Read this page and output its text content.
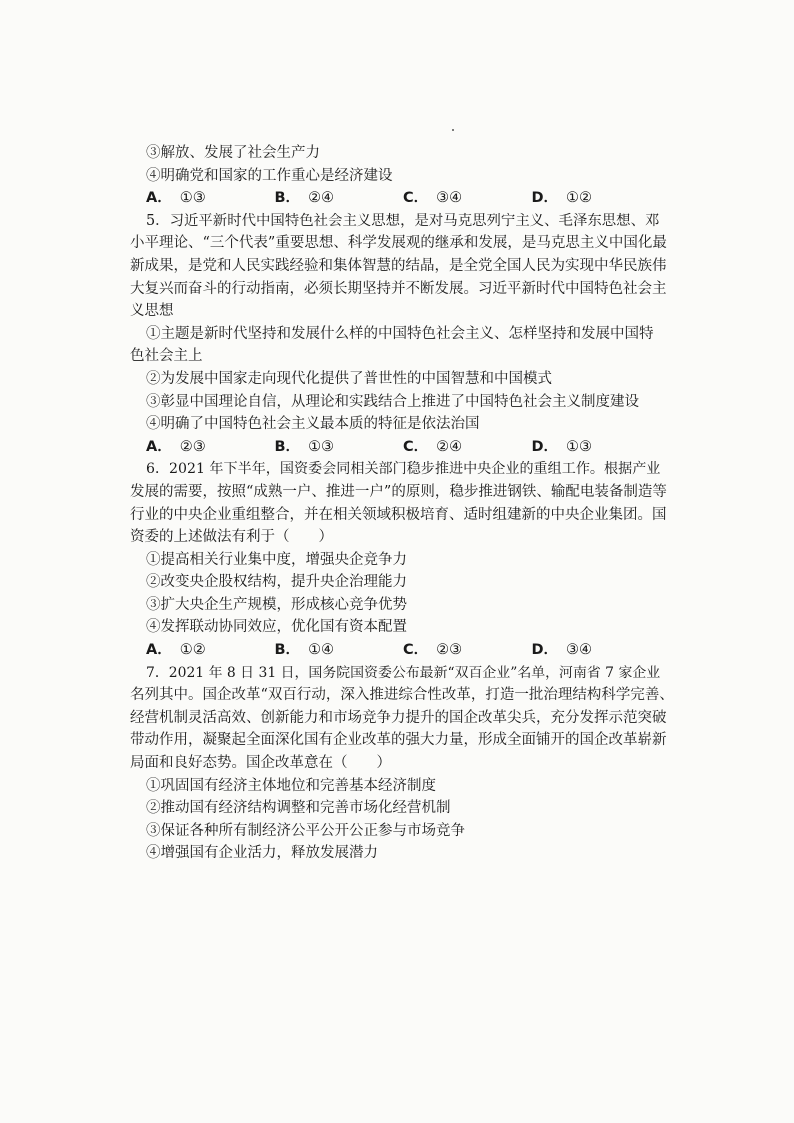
③解放、发展了社会生产力
④明确党和国家的工作重心是经济建设
A． ①③	B． ②④	C． ③④	D． ①②
5．习近平新时代中国特色社会主义思想，是对马克思列宁主义、毛泽东思想、邓
小平理论、“三个代表”重要思想、科学发展观的继承和发展，是马克思主义中国化最
新成果，是党和人民实践经验和集体智慧的结晶，是全党全国人民为实现中华民族伟
大复兴而奋斗的行动指南，必须长期坚持并不断发展。习近平新时代中国特色社会主
义思想
①主题是新时代坚持和发展什么样的中国特色社会主义、怎样坚持和发展中国特
色社会主上
②为发展中国家走向现代化提供了普世性的中国智慧和中国模式
③彰显中国理论自信，从理论和实践结合上推进了中国特色社会主义制度建设
④明确了中国特色社会主义最本质的特征是依法治国
A． ②③	B． ①③	C． ②④	D． ①③
6．2021 年下半年，国资委会同相关部门稳步推进中央企业的重组工作。根据产业
发展的需要，按照“成熟一户、推进一户”的原则，稳步推进钢铁、输配电装备制造等
行业的中央企业重组整合，并在相关领域积极培育、适时组建新的中央企业集团。国
资委的上述做法有利于（　　）
①提高相关行业集中度，增强央企竞争力
②改变央企股权结构，提升央企治理能力
③扩大央企生产规模，形成核心竞争优势
④发挥联动协同效应，优化国有资本配置
A． ①②	B． ①④	C． ②③	D． ③④
7．2021 年 8 日 31 日，国务院国资委公布最新“双百企业”名单，河南省 7 家企业
名列其中。国企改革“双百行动，深入推进综合性改革，打造一批治理结构科学完善、
经营机制灵活高效、创新能力和市场竞争力提升的国企改革尖兵，充分发挥示范突破
带动作用，凝聚起全面深化国有企业改革的强大力量，形成全面铺开的国企改革崭新
局面和良好态势。国企改革意在（　　）
①巩固国有经济主体地位和完善基本经济制度
②推动国有经济结构调整和完善市场化经营机制
③保证各种所有制经济公平公开公正参与市场竞争
④增强国有企业活力，释放发展潜力
